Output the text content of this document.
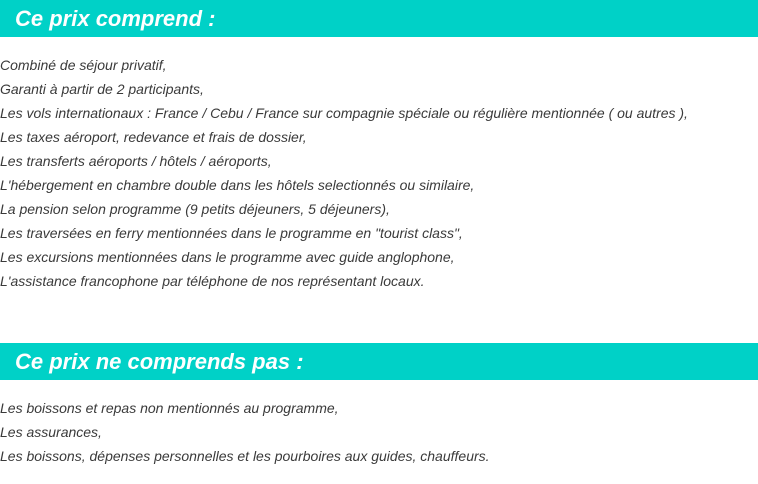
Ce prix comprend :
Combiné de séjour privatif,
Garanti à partir de 2 participants,
Les vols internationaux : France / Cebu / France sur compagnie spéciale ou régulière mentionnée ( ou autres ),
Les taxes aéroport, redevance et frais de dossier,
Les transferts aéroports / hôtels / aéroports,
L'hébergement en chambre double dans les hôtels selectionnés ou similaire,
La pension selon programme (9 petits déjeuners, 5 déjeuners),
Les traversées en ferry mentionnées dans le programme en "tourist class",
Les excursions mentionnées dans le programme avec guide anglophone,
L'assistance francophone par téléphone de nos représentant locaux.
Ce prix ne comprends pas :
Les boissons et repas non mentionnés au programme,
Les assurances,
Les boissons, dépenses personnelles et les pourboires aux guides, chauffeurs.
